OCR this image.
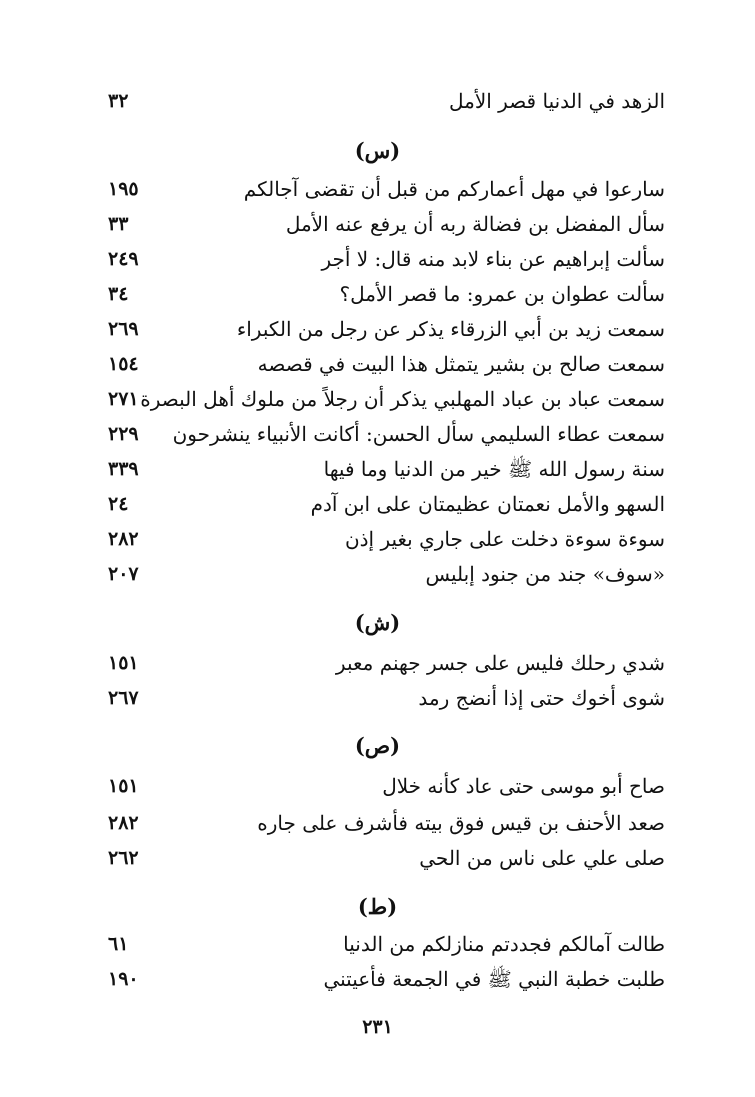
الزهد في الدنيا قصر الأمل
٣٢
(س)
سارعوا في مهل أعماركم من قبل أن تقضى آجالكم
١٩٥
سأل المفضل بن فضالة ربه أن يرفع عنه الأمل
٣٣
سألت إبراهيم عن بناء لابد منه قال: لا أجر
٢٤٩
سألت عطوان بن عمرو: ما قصر الأمل؟
٣٤
سمعت زيد بن أبي الزرقاء يذكر عن رجل من الكبراء
٢٦٩
سمعت صالح بن بشير يتمثل هذا البيت في قصصه
١٥٤
سمعت عباد بن عباد المهلبي يذكر أن رجلاً من ملوك أهل البصرة
٢٧١
سمعت عطاء السليمي سأل الحسن: أكانت الأنبياء ينشرحون
٢٢٩
سنة رسول الله ﷺ خير من الدنيا وما فيها
٣٣٩
السهو والأمل نعمتان عظيمتان على ابن آدم
٢٤
سوءة سوءة دخلت على جاري بغير إذن
٢٨٢
«سوف» جند من جنود إبليس
٢٠٧
(ش)
شدي رحلك فليس على جسر جهنم معبر
١٥١
شوى أخوك حتى إذا أنضج رمد
٢٦٧
(ص)
صاح أبو موسى حتى عاد كأنه خلال
١٥١
صعد الأحنف بن قيس فوق بيته فأشرف على جاره
٢٨٢
صلى علي على ناس من الحي
٢٦٢
(ط)
طالت آمالكم فجددتم منازلكم من الدنيا
٦١
طلبت خطبة النبي ﷺ في الجمعة فأعيتني
١٩٠
٢٣١
